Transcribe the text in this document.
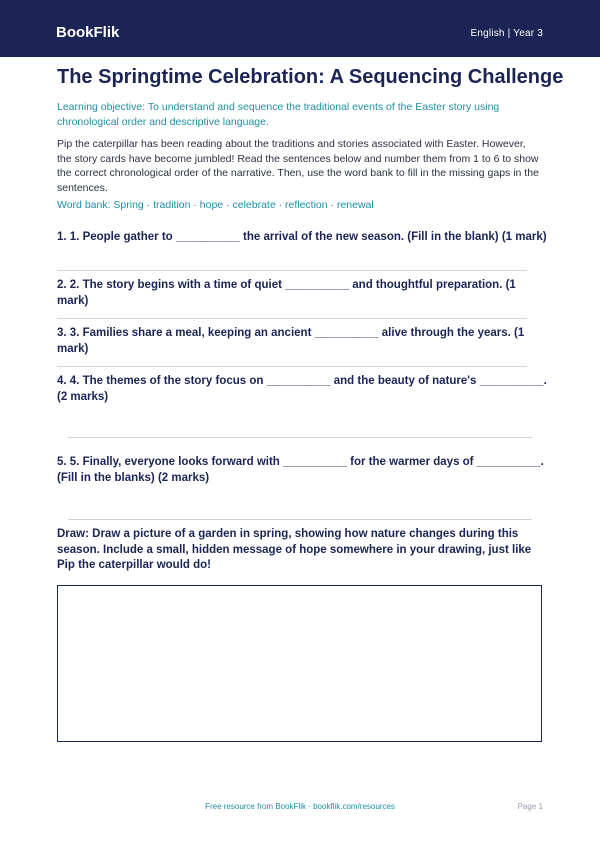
BookFlik	English | Year 3
The Springtime Celebration: A Sequencing Challenge
Learning objective: To understand and sequence the traditional events of the Easter story using chronological order and descriptive language.
Pip the caterpillar has been reading about the traditions and stories associated with Easter. However, the story cards have become jumbled! Read the sentences below and number them from 1 to 6 to show the correct chronological order of the narrative. Then, use the word bank to fill in the missing gaps in the sentences.
Word bank: Spring · tradition · hope · celebrate · reflection · renewal
1. 1. People gather to __________ the arrival of the new season. (Fill in the blank) (1 mark)
2. 2. The story begins with a time of quiet __________ and thoughtful preparation. (1 mark)
3. 3. Families share a meal, keeping an ancient __________ alive through the years. (1 mark)
4. 4. The themes of the story focus on __________ and the beauty of nature's __________. (2 marks)
5. 5. Finally, everyone looks forward with __________ for the warmer days of __________. (Fill in the blanks) (2 marks)
Draw: Draw a picture of a garden in spring, showing how nature changes during this season. Include a small, hidden message of hope somewhere in your drawing, just like Pip the caterpillar would do!
Free resource from BookFlik · bookflik.com/resources	Page 1
